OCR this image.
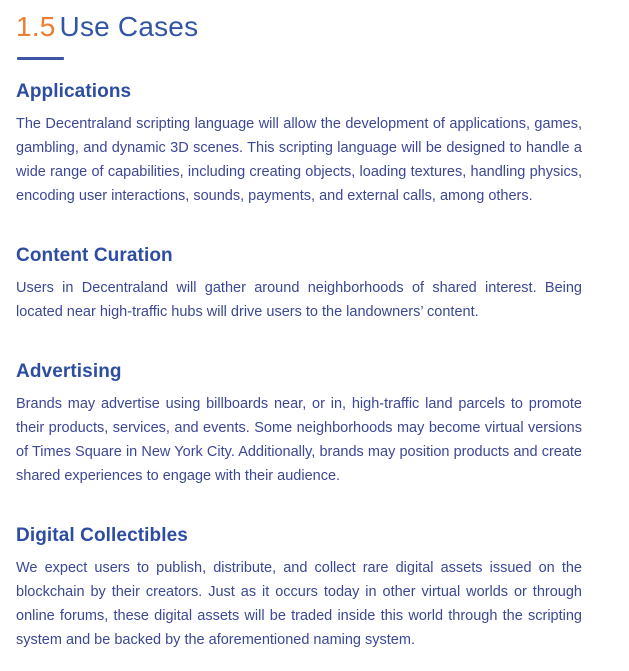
1.5 Use Cases
Applications

The Decentraland scripting language will allow the development of applications, games, gambling, and dynamic 3D scenes. This scripting language will be designed to handle a wide range of capabilities, including creating objects, loading textures, handling physics, encoding user interactions, sounds, payments, and external calls, among others.

Content Curation

Users in Decentraland will gather around neighborhoods of shared interest. Being located near high-traffic hubs will drive users to the landowners’ content.

Advertising

Brands may advertise using billboards near, or in, high-traffic land parcels to promote their products, services, and events. Some neighborhoods may become virtual versions of Times Square in New York City. Additionally, brands may position products and create shared experiences to engage with their audience.

Digital Collectibles

We expect users to publish, distribute, and collect rare digital assets issued on the blockchain by their creators. Just as it occurs today in other virtual worlds or through online forums, these digital assets will be traded inside this world through the scripting system and be backed by the aforementioned naming system.
